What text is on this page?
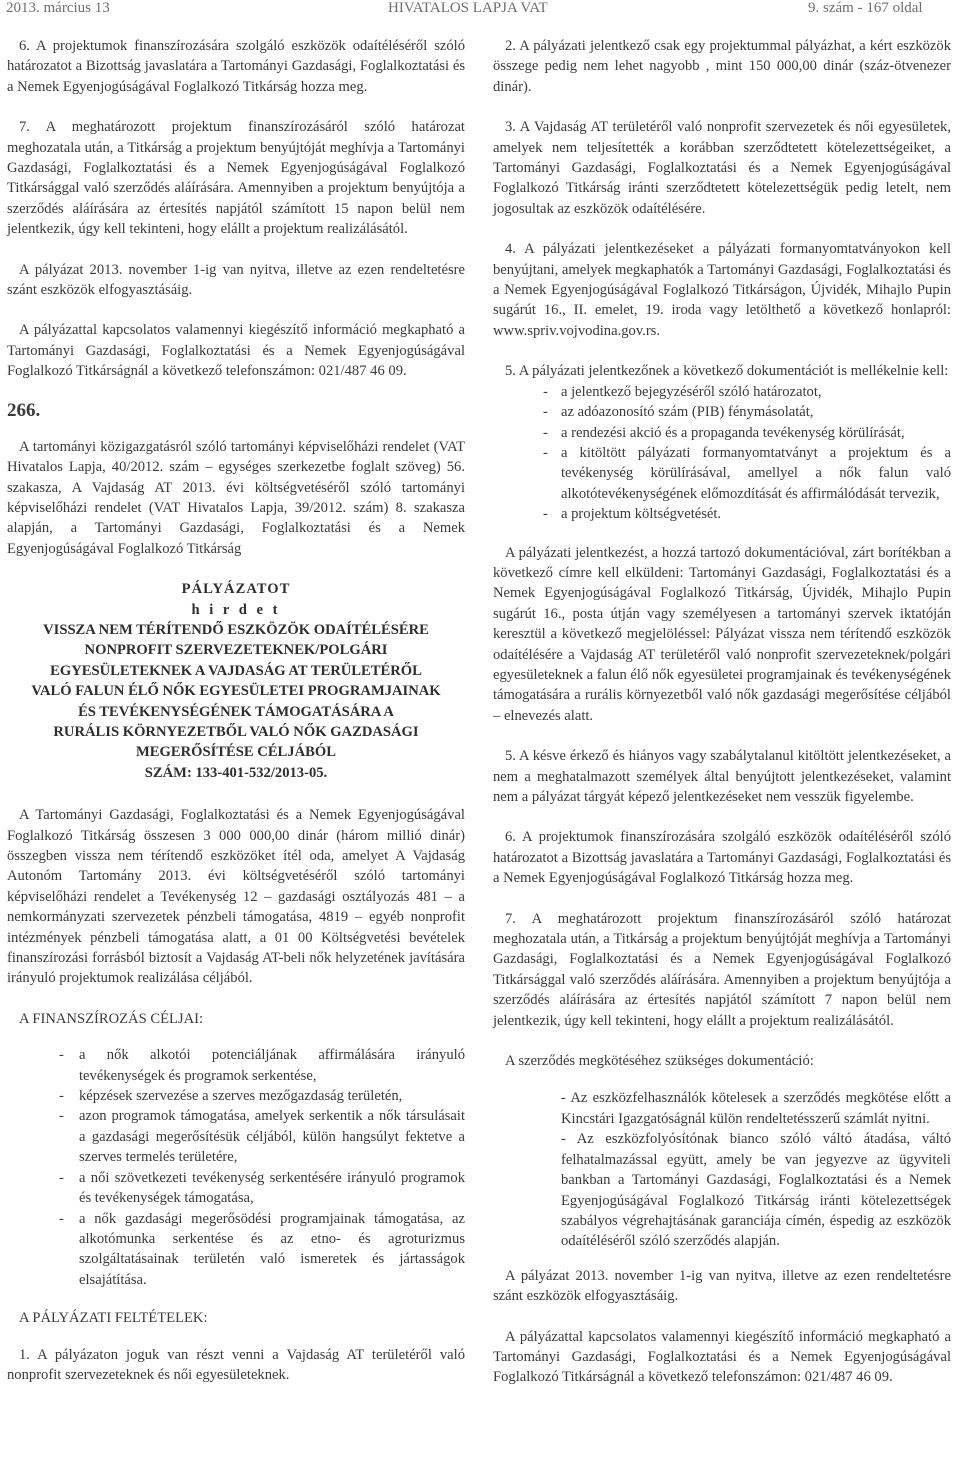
2013. március 13	HIVATALOS LAPJA VAT	9. szám - 167 oldal

6. A projektumok finanszírozására szolgáló eszközök odaítéléséről szóló határozatot a Bizottság javaslatára a Tartományi Gazdasági, Foglalkoztatási és a Nemek Egyenjogúságával Foglalkozó Titkárság hozza meg.

7. A meghatározott projektum finanszírozásáról szóló határozat meghozatala után, a Titkárság a projektum benyújtóját meghívja a Tartományi Gazdasági, Foglalkoztatási és a Nemek Egyenjogúságával Foglalkozó Titkársággal való szerződés aláírására. Amennyiben a projektum benyújtója a szerződés aláírására az értesítés napjától számított 15 napon belül nem jelentkezik, úgy kell tekinteni, hogy elállt a projektum realizálásától.

A pályázat 2013. november 1-ig van nyitva, illetve az ezen rendeltetésre szánt eszközök elfogyasztásáig.

A pályázattal kapcsolatos valamennyi kiegészítő információ megkapható a Tartományi Gazdasági, Foglalkoztatási és a Nemek Egyenjogúságával Foglalkozó Titkárságnál a következő telefonszámon: 021/487 46 09.

266.

A tartományi közigazgatásról szóló tartományi képviselőházi rendelet (VAT Hivatalos Lapja, 40/2012. szám – egységes szerkezetbe foglalt szöveg) 56. szakasza, A Vajdaság AT 2013. évi költségvetéséről szóló tartományi képviselőházi rendelet (VAT Hivatalos Lapja, 39/2012. szám) 8. szakasza alapján, a Tartományi Gazdasági, Foglalkoztatási és a Nemek Egyenjogúságával Foglalkozó Titkárság

PÁLYÁZATOT
h i r d e t
VISSZA NEM TÉRÍTENDŐ ESZKÖZÖK ODAÍTÉLÉSÉRE
NONPROFIT SZERVEZETEKNEK/POLGÁRI
EGYESÜLETEKNEK A VAJDASÁG AT TERÜLETÉRŐL
VALÓ FALUN ÉLŐ NŐK EGYESÜLETEI PROGRAMJAINAK
ÉS TEVÉKENYSÉGÉNEK TÁMOGATÁSÁRA A
RURÁLIS KÖRNYEZETBŐL VALÓ NŐK GAZDASÁGI
MEGERŐSÍTÉSE CÉLJÁBÓL
SZÁM: 133-401-532/2013-05.

A Tartományi Gazdasági, Foglalkoztatási és a Nemek Egyenjogúságával Foglalkozó Titkárság összesen 3 000 000,00 dinár (három millió dinár) összegben vissza nem térítendő eszközöket ítél oda, amelyet A Vajdaság Autonóm Tartomány 2013. évi költségvetéséről szóló tartományi képviselőházi rendelet a Tevékenység 12 – gazdasági osztályozás 481 – a nemkormányzati szervezetek pénzbeli támogatása, 4819 – egyéb nonprofit intézmények pénzbeli támogatása alatt, a 01 00 Költségvetési bevételek finanszírozási forrásból biztosít a Vajdaság AT-beli nők helyzetének javítására irányuló projektumok realizálása céljából.

A FINANSZÍROZÁS CÉLJAI:

- a nők alkotói potenciáljának affirmálására irányuló tevékenységek és programok serkentése,
- képzések szervezése a szerves mezőgazdaság területén,
- azon programok támogatása, amelyek serkentik a nők társulásait a gazdasági megerősítésük céljából, külön hangsúlyt fektetve a szerves termelés területére,
- a női szövetkezeti tevékenység serkentésére irányuló programok és tevékenységek támogatása,
- a nők gazdasági megerősödési programjainak támogatása, az alkotómunka serkentése és az etno- és agroturizmus szolgáltatásainak területén való ismeretek és jártasságok elsajátítása.

A PÁLYÁZATI FELTÉTELEK:

1. A pályázaton joguk van részt venni a Vajdaság AT területéről való nonprofit szervezeteknek és női egyesületeknek.

2. A pályázati jelentkező csak egy projektummal pályázhat, a kért eszközök összege pedig nem lehet nagyobb , mint 150 000,00 dinár (száz-ötvenezer dinár).

3. A Vajdaság AT területéről való nonprofit szervezetek és női egyesületek, amelyek nem teljesítették a korábban szerződtetett kötelezettségeiket, a Tartományi Gazdasági, Foglalkoztatási és a Nemek Egyenjogúságával Foglalkozó Titkárság iránti szerződtetett kötelezettségük pedig letelt, nem jogosultak az eszközök odaítélésére.

4. A pályázati jelentkezéseket a pályázati formanyomtatványokon kell benyújtani, amelyek megkaphatók a Tartományi Gazdasági, Foglalkoztatási és a Nemek Egyenjogúságával Foglalkozó Titkárságon, Újvidék, Mihajlo Pupin sugárút 16., II. emelet, 19. iroda vagy letölthető a következő honlapról: www.spriv.vojvodina.gov.rs.

5. A pályázati jelentkezőnek a következő dokumentációt is mellékelnie kell:

- a jelentkező bejegyzéséről szóló határozatot,
- az adóazonosító szám (PIB) fénymásolatát,
- a rendezési akció és a propaganda tevékenység körülírását,
- a kitöltött pályázati formanyomtatványt a projektum és a tevékenység körülírásával, amellyel a nők falun való alkotótevékenységének előmozdítását és affirmálódását tervezik,
- a projektum költségvetését.

A pályázati jelentkezést, a hozzá tartozó dokumentációval, zárt borítékban a következő címre kell elküldeni: Tartományi Gazdasági, Foglalkoztatási és a Nemek Egyenjogúságával Foglalkozó Titkárság, Újvidék, Mihajlo Pupin sugárút 16., posta útján vagy személyesen a tartományi szervek iktatóján keresztül a következő megjelöléssel: Pályázat vissza nem térítendő eszközök odaítélésére a Vajdaság AT területéről való nonprofit szervezeteknek/polgári egyesületeknek a falun élő nők egyesületei programjainak és tevékenységének támogatására a rurális környezetből való nők gazdasági megerősítése céljából – elnevezés alatt.

5. A késve érkező és hiányos vagy szabálytalanul kitöltött jelentkezéseket, a nem a meghatalmazott személyek által benyújtott jelentkezéseket, valamint nem a pályázat tárgyát képező jelentkezéseket nem vesszük figyelembe.

6. A projektumok finanszírozására szolgáló eszközök odaítéléséről szóló határozatot a Bizottság javaslatára a Tartományi Gazdasági, Foglalkoztatási és a Nemek Egyenjogúságával Foglalkozó Titkárság hozza meg.

7. A meghatározott projektum finanszírozásáról szóló határozat meghozatala után, a Titkárság a projektum benyújtóját meghívja a Tartományi Gazdasági, Foglalkoztatási és a Nemek Egyenjogúságával Foglalkozó Titkársággal való szerződés aláírására. Amennyiben a projektum benyújtója a szerződés aláírására az értesítés napjától számított 7 napon belül nem jelentkezik, úgy kell tekinteni, hogy elállt a projektum realizálásától.

A szerződés megkötéséhez szükséges dokumentáció:

- Az eszközfelhasználók kötelesek a szerződés megkötése előtt a Kincstári Igazgatóságnál külön rendeltetésszerű számlát nyitni.

- Az eszközfolyósítónak bianco szóló váltó átadása, váltó felhatalmazással együtt, amely be van jegyezve az ügyviteli bankban a Tartományi Gazdasági, Foglalkoztatási és a Nemek Egyenjogúságával Foglalkozó Titkárság iránti kötelezettségek szabályos végrehajtásának garanciája címén, éspedig az eszközök odaítéléséről szóló szerződés alapján.

A pályázat 2013. november 1-ig van nyitva, illetve az ezen rendeltetésre szánt eszközök elfogyasztásáig.

A pályázattal kapcsolatos valamennyi kiegészítő információ megkapható a Tartományi Gazdasági, Foglalkoztatási és a Nemek Egyenjogúságával Foglalkozó Titkárságnál a következő telefonszámon: 021/487 46 09.
